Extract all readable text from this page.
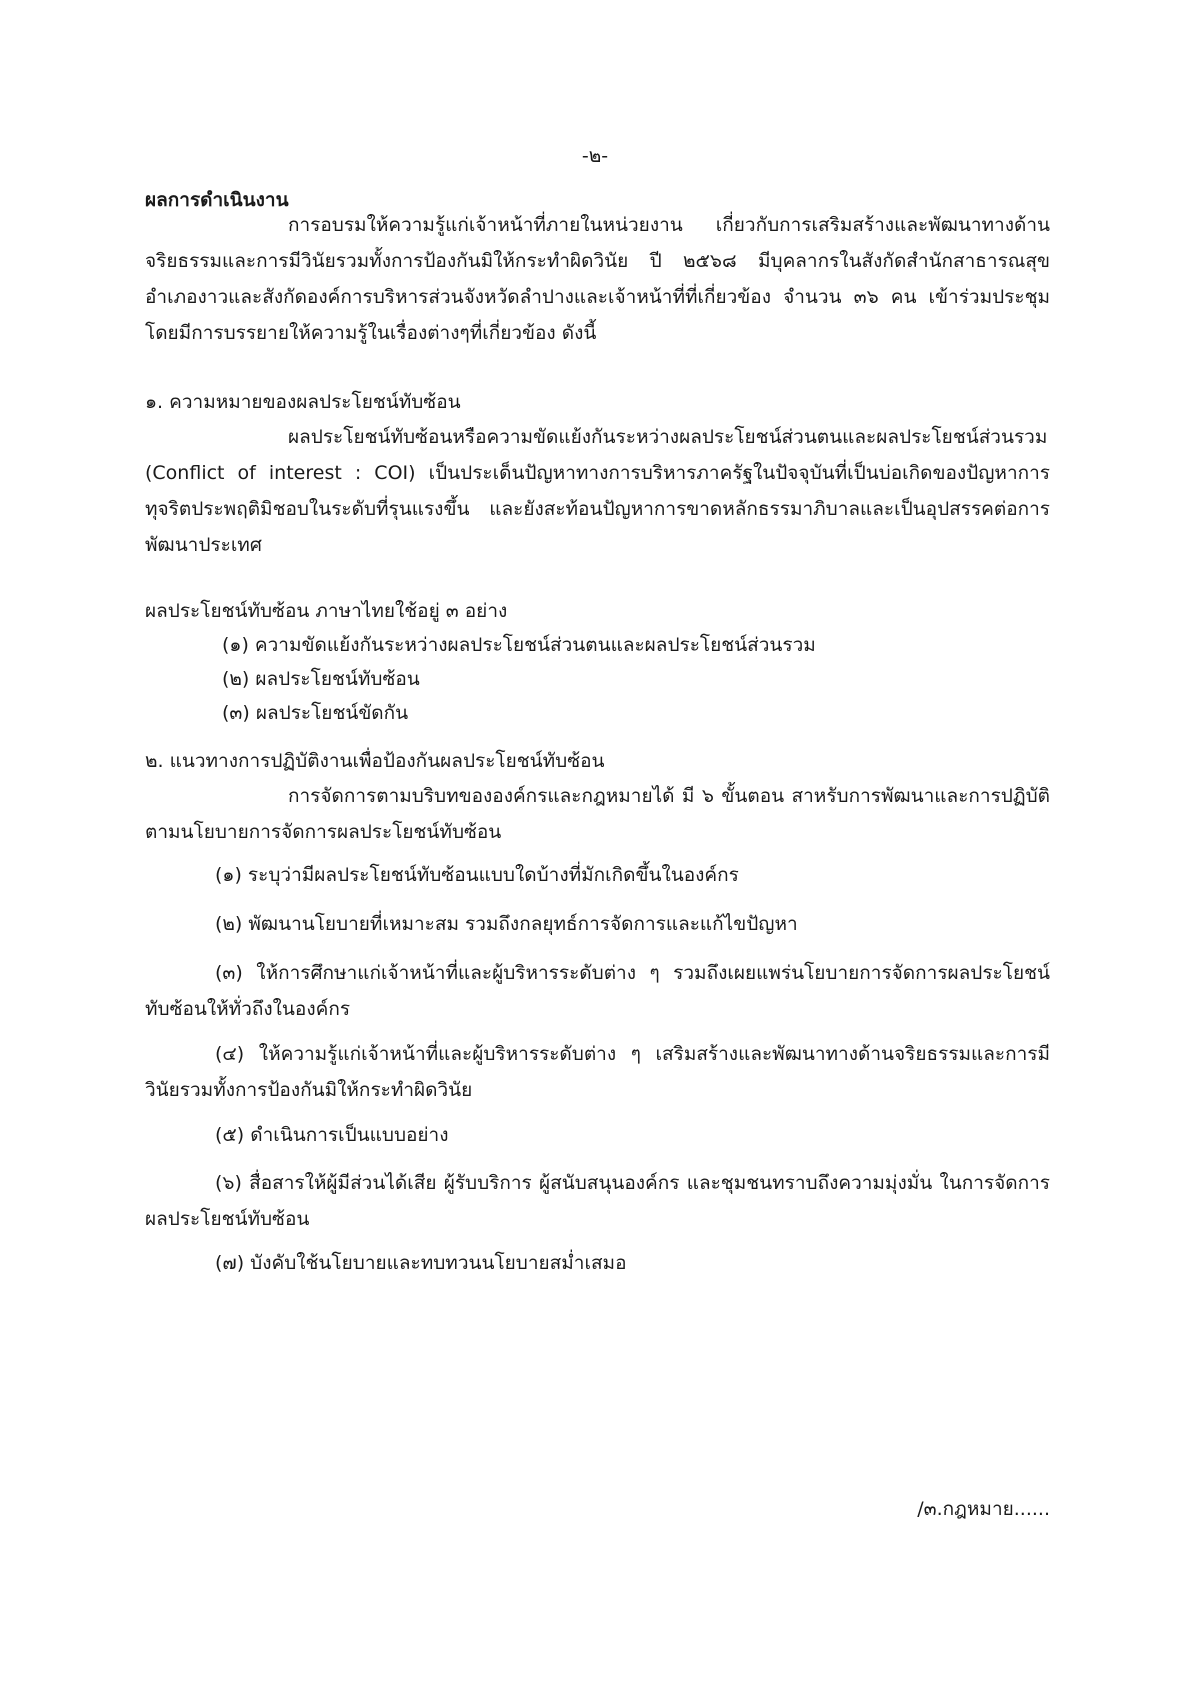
-๒-
ผลการดำเนินงาน
การอบรมให้ความรู้แก่เจ้าหน้าที่ภายในหน่วยงาน เกี่ยวกับการเสริมสร้างและพัฒนาทางด้านจริยธรรมและการมีวินัยรวมทั้งการป้องกันมิให้กระทำผิดวินัย ปี ๒๕๖๘ มีบุคลากรในสังกัดสำนักสาธารณสุขอำเภองาวและสังกัดองค์การบริหารส่วนจังหวัดลำปางและเจ้าหน้าที่ที่เกี่ยวข้อง จำนวน ๓๖ คน เข้าร่วมประชุม โดยมีการบรรยายให้ความรู้ในเรื่องต่างๆที่เกี่ยวข้อง ดังนี้
๑. ความหมายของผลประโยชน์ทับซ้อน
ผลประโยชน์ทับซ้อนหรือความขัดแย้งกันระหว่างผลประโยชน์ส่วนตนและผลประโยชน์ส่วนรวม (Conflict of interest : COI) เป็นประเด็นปัญหาทางการบริหารภาครัฐในปัจจุบันที่เป็นบ่อเกิดของปัญหาการทุจริตประพฤติมิชอบในระดับที่รุนแรงขึ้น และยังสะท้อนปัญหาการขาดหลักธรรมาภิบาลและเป็นอุปสรรคต่อการพัฒนาประเทศ
ผลประโยชน์ทับซ้อน ภาษาไทยใช้อยู่ ๓ อย่าง
(๑) ความขัดแย้งกันระหว่างผลประโยชน์ส่วนตนและผลประโยชน์ส่วนรวม
(๒) ผลประโยชน์ทับซ้อน
(๓) ผลประโยชน์ขัดกัน
๒. แนวทางการปฏิบัติงานเพื่อป้องกันผลประโยชน์ทับซ้อน
การจัดการตามบริบทขององค์กรและกฎหมายได้ มี ๖ ขั้นตอน สาหรับการพัฒนาและการปฏิบัติตามนโยบายการจัดการผลประโยชน์ทับซ้อน
(๑) ระบุว่ามีผลประโยชน์ทับซ้อนแบบใดบ้างที่มักเกิดขึ้นในองค์กร
(๒) พัฒนานโยบายที่เหมาะสม รวมถึงกลยุทธ์การจัดการและแก้ไขปัญหา
(๓) ให้การศึกษาแก่เจ้าหน้าที่และผู้บริหารระดับต่าง ๆ รวมถึงเผยแพร่นโยบายการจัดการผลประโยชน์ทับซ้อนให้ทั่วถึงในองค์กร
(๔) ให้ความรู้แก่เจ้าหน้าที่และผู้บริหารระดับต่าง ๆ เสริมสร้างและพัฒนาทางด้านจริยธรรมและการมีวินัยรวมทั้งการป้องกันมิให้กระทำผิดวินัย
(๕) ดำเนินการเป็นแบบอย่าง
(๖) สื่อสารให้ผู้มีส่วนได้เสีย ผู้รับบริการ ผู้สนับสนุนองค์กร และชุมชนทราบถึงความมุ่งมั่น ในการจัดการผลประโยชน์ทับซ้อน
(๗) บังคับใช้นโยบายและทบทวนนโยบายสม่ำเสมอ
/๓.กฎหมาย......
